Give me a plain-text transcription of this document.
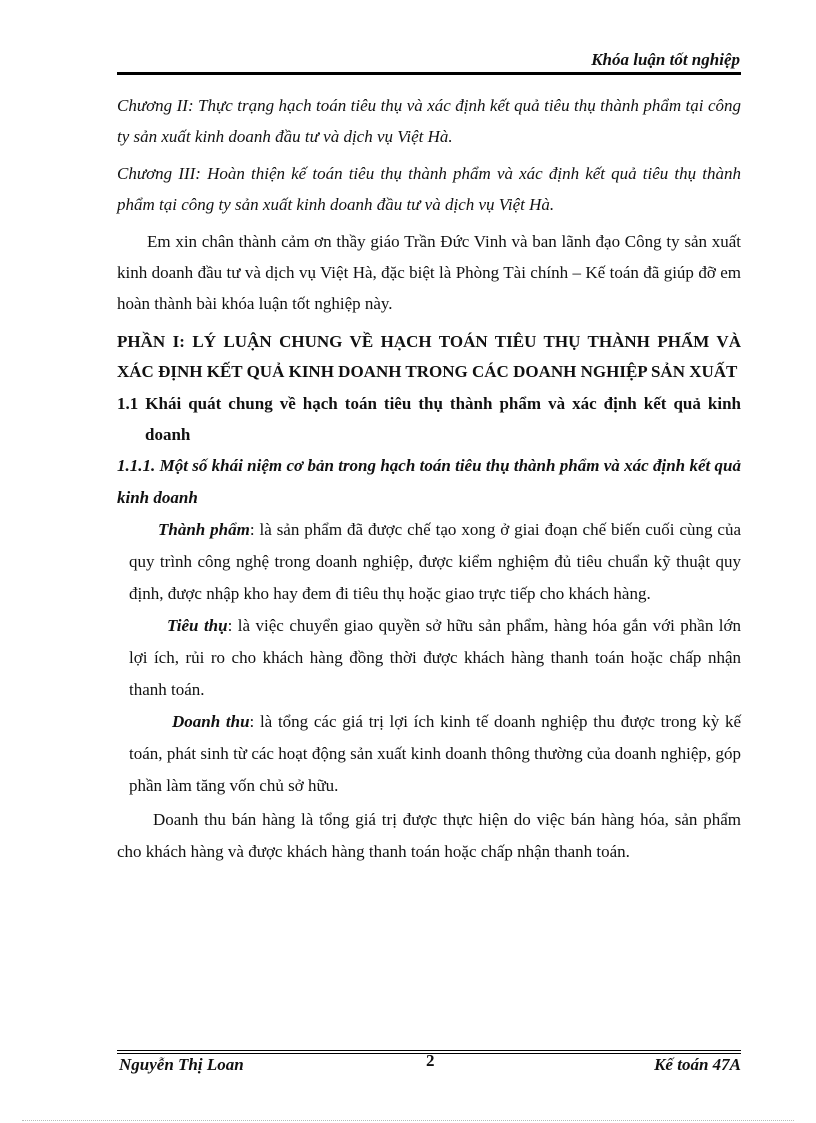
Khóa luận tốt nghiệp

Chương II: Thực trạng hạch toán tiêu thụ và xác định kết quả tiêu thụ thành phẩm tại công ty sản xuất kinh doanh đầu tư và dịch vụ Việt Hà.

Chương III: Hoàn thiện kế toán tiêu thụ thành phẩm và xác định kết quả tiêu thụ thành phẩm tại công ty sản xuất kinh doanh đầu tư và dịch vụ Việt Hà.

Em xin chân thành cảm ơn thầy giáo Trần Đức Vinh và ban lãnh đạo Công ty sản xuất kinh doanh đầu tư và dịch vụ Việt Hà, đặc biệt là Phòng Tài chính – Kế toán đã giúp đỡ em hoàn thành bài khóa luận tốt nghiệp này.

PHẦN I: LÝ LUẬN CHUNG VỀ HẠCH TOÁN TIÊU THỤ THÀNH PHẨM VÀ XÁC ĐỊNH KẾT QUẢ KINH DOANH TRONG CÁC DOANH NGHIỆP SẢN XUẤT

1.1 Khái quát chung về hạch toán tiêu thụ thành phẩm và xác định kết quả kinh doanh

1.1.1. Một số khái niệm cơ bản trong hạch toán tiêu thụ thành phẩm và xác định kết quả kinh doanh

Thành phẩm: là sản phẩm đã được chế tạo xong ở giai đoạn chế biến cuối cùng của quy trình công nghệ trong doanh nghiệp, được kiểm nghiệm đủ tiêu chuẩn kỹ thuật quy định, được nhập kho hay đem đi tiêu thụ hoặc giao trực tiếp cho khách hàng.

Tiêu thụ: là việc chuyển giao quyền sở hữu sản phẩm, hàng hóa gắn với phần lớn lợi ích, rủi ro cho khách hàng đồng thời được khách hàng thanh toán hoặc chấp nhận thanh toán.

Doanh thu: là tổng các giá trị lợi ích kinh tế doanh nghiệp thu được trong kỳ kế toán, phát sinh từ các hoạt động sản xuất kinh doanh thông thường của doanh nghiệp, góp phần làm tăng vốn chủ sở hữu.

Doanh thu bán hàng là tổng giá trị được thực hiện do việc bán hàng hóa, sản phẩm cho khách hàng và được khách hàng thanh toán hoặc chấp nhận thanh toán.

Nguyễn Thị Loan	2	Kế toán 47A
